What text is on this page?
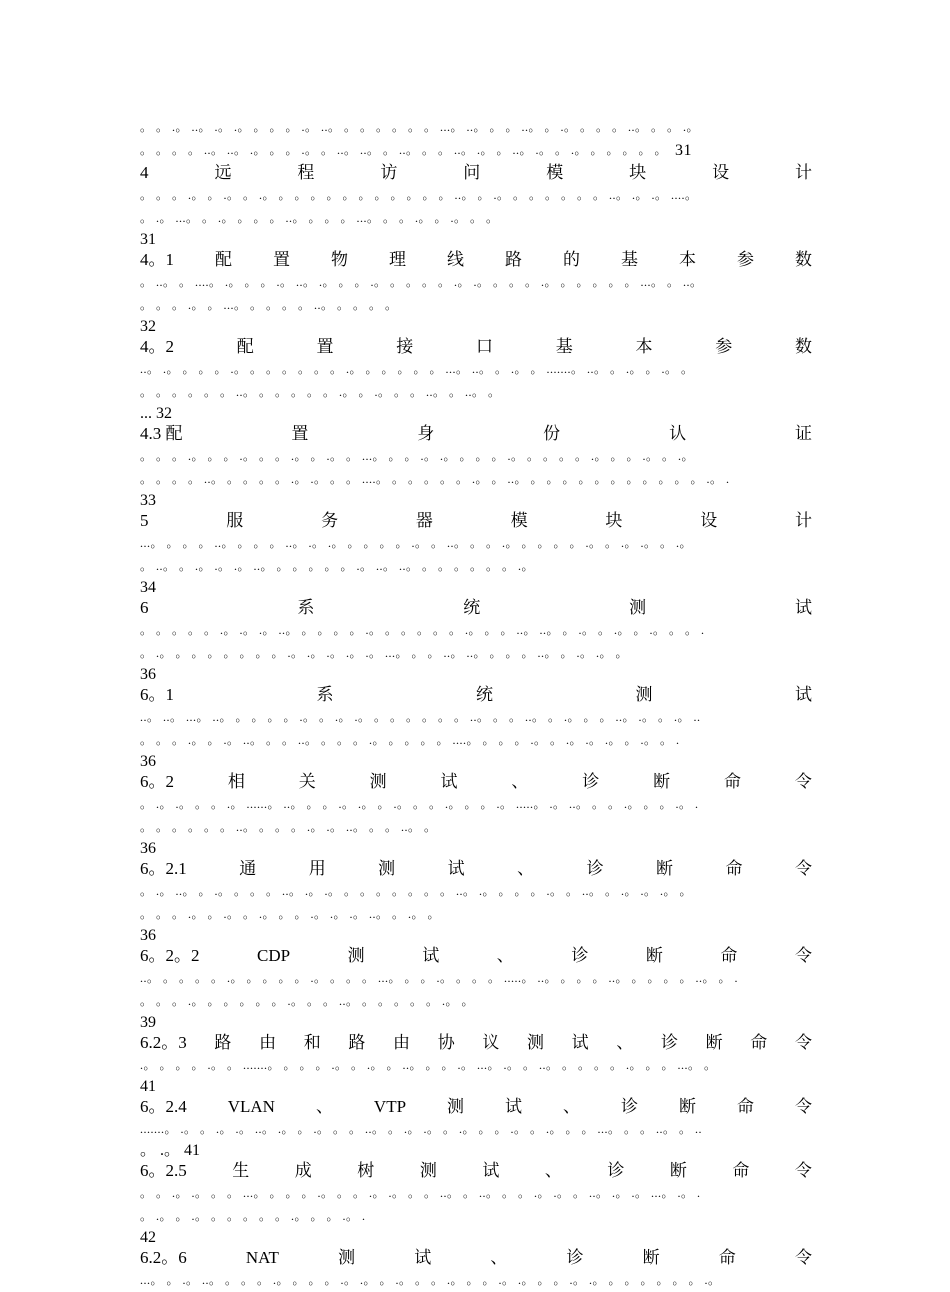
。 。 .。 ..。 .。 .。 。 。 。 .。 ..。 。 。 。 。 。 。 ...。 ..。 。 。 ..。 。 .。 。 。 。 ..。 。 。 .。
。 。 。 。 ..。 ..。 .。 。 。 .。 。 ..。 ..。 。 ..。 。 。 ..。 .。 。 ..。 .。 。 .。 。 。 。 。 。 31
4	远	程	访	问	模	块	设	计
。 。 。 .。 。 .。 。 .。 。 。 。 。 。 。 。 。 。 。 。 ..。 。 .。 。 。 。 。 。 。 ..。 .。 .。 ....。
。 .。 ...。 。 .。 。 。 。 ..。 。 。 。 ...。 。 。 .。 。 .。 。 。
31
4。1 配 置 物 理 线 路 的 基 本 参 数
。 ..。 。 ....。 .。 。 。 .。 ..。 .。 。 。 .。 。 。 。 。 .。 .。 。 。 。 .。 。 。 。 。 。 ...。 。 ..。
。 。 。 .。 。 ...。 。 。 。 。 ..。 。 。 。 。
32
4。2	配	置	接	口	基	本	参	数
..。 .。 。 。 。 .。 。 。 。 。 。 。 .。 。 。 。 。 。 ...。 ..。 。 .。 。 .......。 ..。 。 .。 。 .。 。
。 。 。 。 。 。 ..。 。 。 。 。 。 .。 。 .。 。 。 ..。 。 ..。 。
... 32
4.3 配	置	身	份	认	证
。 。 。 .。 。 。 .。 。 。 .。 。 .。 。 ...。 。 。 .。 .。 。 。 。 .。 。 。 。 。 .。 。 。 .。 。 .。
。 。 。 。 ..。 。 。 。 。 .。 .。 。 。 ....。 。 。 。 。 。 .。 。 ..。 。 。 。 。 。 。 。 。 。 。 。 .。 .
33
5	服	务	器	模	块	设	计
...。 。 。 。 ..。 。 。 。 ..。 .。 .。 。 。 。 。 .。 。 ..。 。 。 .。 。 。 。 。 .。 。 .。 .。 。 .。
。 ..。 。 .。 .。 .。 ..。 。 。 。 。 。 .。 ..。 ..。 。 。 。 。 。 。 .。
34
6	系	统	测	试
。 。 。 。 。 .。 .。 .。 ..。 。 。 。 。 .。 。 。 。 。 。 .。 。 。 ..。 ..。 。 .。 。 .。 。 .。 。 。 .
。 .。 。 。 。 。 。 。 。 .。 .。 .。 .。 .。 ...。 。 。 ..。 ..。 。 。 。 ..。 。 .。 .。 。
36
6。1	系	统	测	试
..。 ..。 ...。 ..。 。 。 。 。 .。 。 .。 .。 。 。 。 。 。 。 ..。 。 。 ..。 。 .。 。 。 ..。 .。 。 .。 ..
。 。 。 .。 。 .。 ..。 。 。 ..。 。 。 。 .。 。 。 。 。 ....。 。 。 。 .。 。 .。 .。 .。 。 .。 。 .
36
6。2	相	关	测	试	、	诊	断	命	令
。 .。 .。 。 。 .。 ......。 ..。 。 。 .。 .。 。 .。 。 。 .。 。 。 .。 .....。 .。 ..。 。 。 .。 。 。 .。 .
。 。 。 。 。 。 ..。 。 。 。 .。 .。 ..。 。 。 ..。 。
36
6。2.1	通	用	测	试	、	诊	断	命	令
。 .。 ..。 。 .。 。 。 。 ..。 .。 .。 。 。 。 。 。 。 。 ..。 .。 。 。 。 .。 。 ..。 。 .。 .。 .。 。
。 。 。 .。 。 .。 。 .。 。 。 .。 .。 .。 ..。 。 .。 。
36
6。2。2	CDP	测	试	、	诊	断	命	令
..。 。 。 。 。 .。 。 。 。 。 .。 。 。 。 ...。 。 。 .。 。 。 。 .....。 ..。 。 。 。 ..。 。 。 。 。 ..。 。 .
。 。 。 .。 。 。 。 。 。 .。 。 。 ..。 。 。 。 。 。 .。 。
39
6.2。3 路 由 和 路 由 协 议 测 试 、 诊 断 命 令
.。 。 。 。 .。 。 .......。 。 。 。 .。 。 .。 。 ..。 。 。 .。 ...。 .。 。 ..。 。 。 。 。 .。 。 。 ...。 。
41
6。2.4 VLAN 、 VTP 测 试 、 诊 断 命 令
.......。 .。 。 .。 .。 ..。 .。 。 .。 。 。 ..。 。 .。 .。 。 .。 。 。 .。 。 .。 。 。 ...。 。 。 ..。 。 ..
。 .。 41
6。2.5	生	成	树	测	试	、	诊	断	命	令
。 。 .。 .。 。 。 ...。 。 。 。 .。 。 。 .。 .。 。 。 ..。 。 ..。 。 。 .。 .。 。 ..。 .。 .。 ...。 .。 .
。 .。 。 .。 。 。 。 。 。 .。 。 。 .。 .
42
6.2。6	NAT	测	试	、	诊	断	命	令
...。 。 .。 ..。 。 。 。 .。 。 。 。 .。 .。 。 .。 。 。 .。 。 。 .。 .。 。 。 .。 .。 。 。 。 。 。 。 .。
